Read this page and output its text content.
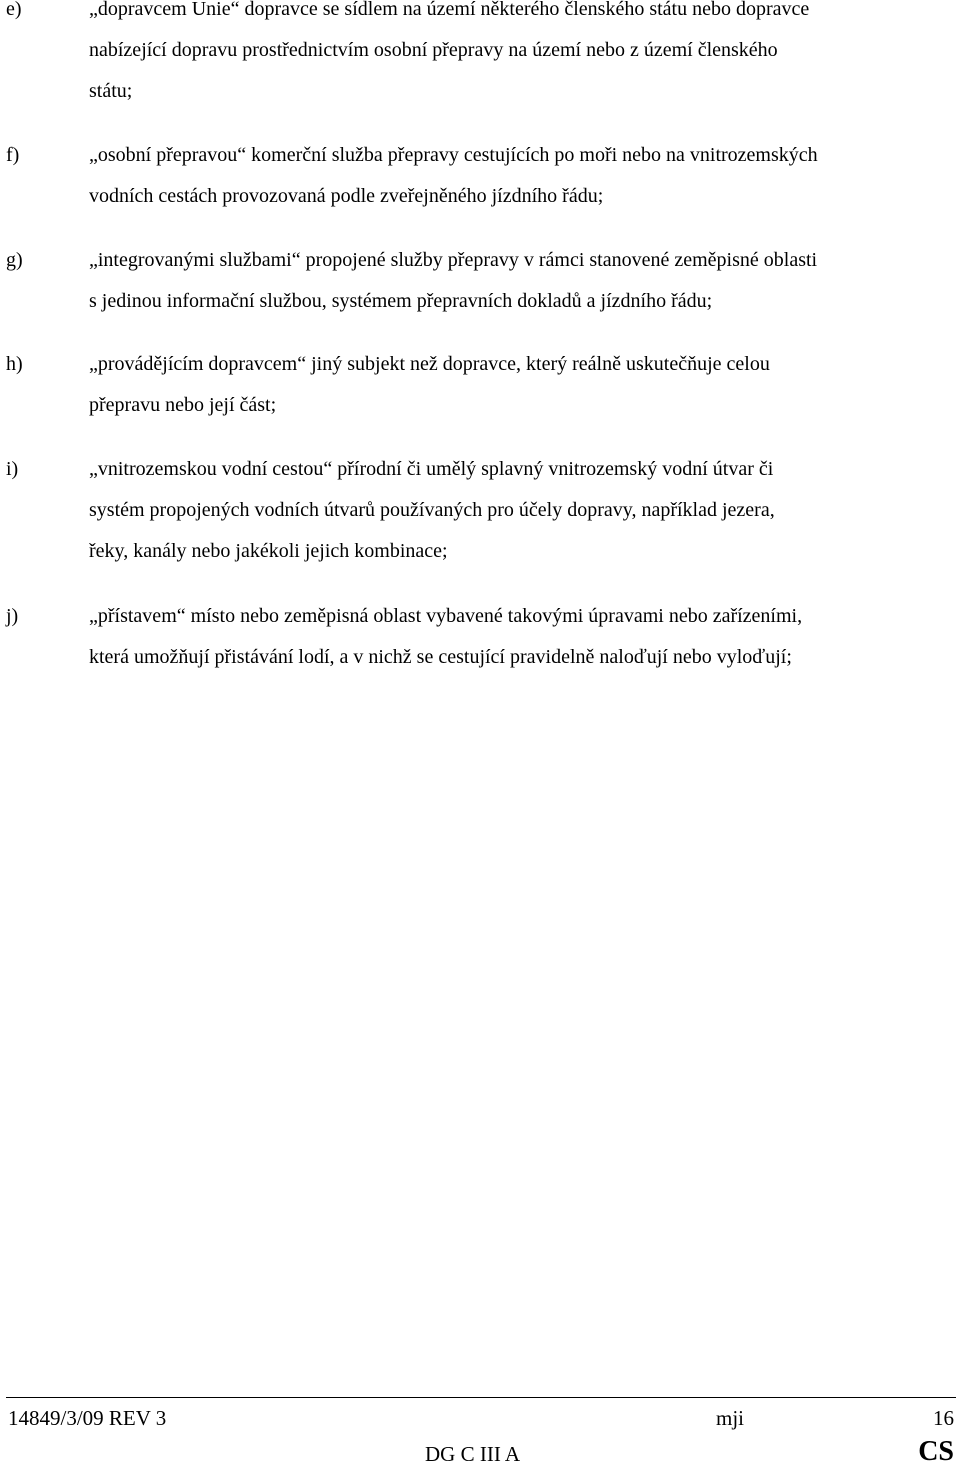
e)	„dopravcem Unie“ dopravce se sídlem na území některého členského státu nebo dopravce
nabízející dopravu prostřednictvím osobní přepravy na území nebo z území členského
státu;
f)	„osobní přepravou“ komerční služba přepravy cestujících po moři nebo na vnitrozemských
vodních cestách provozovaná podle zveřejněného jízdního řádu;
g)	„integrovanými službami“ propojené služby přepravy v rámci stanovené zeměpisné oblasti
s jedinou informační službou, systémem přepravních dokladů a jízdního řádu;
h)	„provádějícím dopravcem“ jiný subjekt než dopravce, který reálně uskutečňuje celou
přepravu nebo její část;
i)	„vnitrozemskou vodní cestou“ přírodní či umělý splavný vnitrozemský vodní útvar či
systém propojených vodních útvarů používaných pro účely dopravy, například jezera,
řeky, kanály nebo jakékoli jejich kombinace;
j)	„přístavem“ místo nebo zeměpisná oblast vybavené takovými úpravami nebo zařízeními,
která umožňují přistávání lodí, a v nichž se cestující pravidelně naloďují nebo vyloďují;
14849/3/09 REV 3	mji	16
DG C III A	CS
